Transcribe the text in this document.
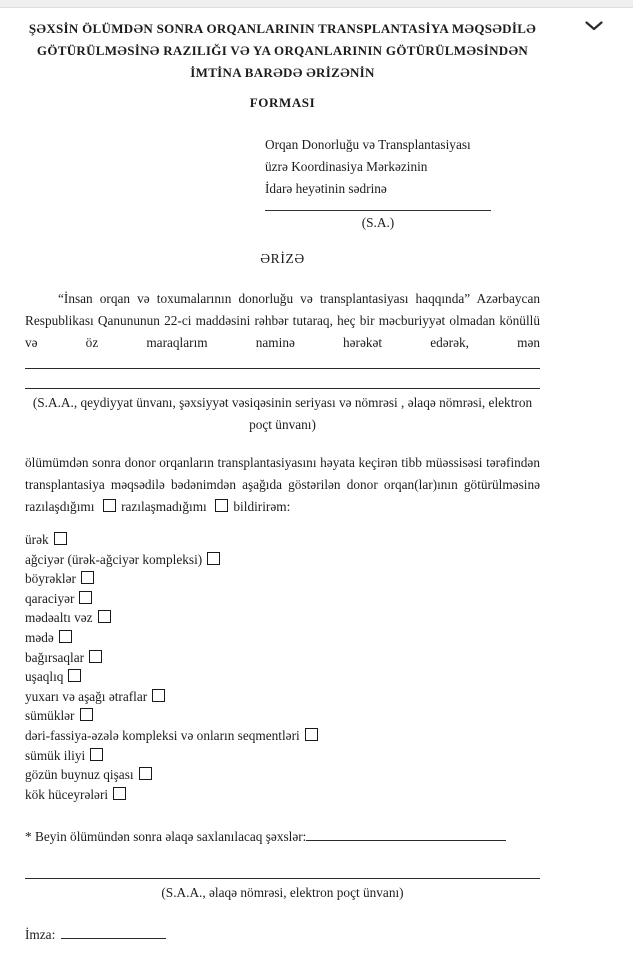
ŞƏXSİN ÖLÜMDƏN SONRA ORQANLARININ TRANSPLANTASİYA MƏQSƏDİLƏ
GÖTÜRÜLMƏSİNƏ RAZILIĞI VƏ YA ORQANLARININ GÖTÜRÜLMƏSİNDƏN
İMTİNA BARƏDƏ ƏRİZƏNİN
FORMASI
Orqan Donorluğu və Transplantasiyası
üzrə Koordinasiya Mərkəzinin
İdarə heyətinin sədrinə
(S.A.)
ƏRİZƏ

“İnsan orqan və toxumalarının donorluğu və transplantasiyası haqqında” Azərbaycan Respublikası Qanununun 22-ci maddəsini rəhbər tutaraq, heç bir məcburiyyət olmadan könüllü və öz maraqlarım naminə hərəkət edərək, mən

(S.A.A., qeydiyyat ünvanı, şəxsiyyət vəsiqəsinin seriyası və nömrəsi , əlaqə nömrəsi, elektron poçt ünvanı)

ölümümdən sonra donor orqanların transplantasiyasını həyata keçirən tibb müəssisəsi tərəfindən transplantasiya məqsədilə bədənimdən aşağıda göstərilən donor orqan(lar)ının götürülməsinə razılaşdığımı razılaşmadığımı bildirirəm:

ürək
ağciyər (ürək-ağciyər kompleksi)
böyrəklər
qaraciyər
mədəaltı vəz
mədə
bağırsaqlar
uşaqlıq
yuxarı və aşağı ətraflar
sümüklər
dəri-fassiya-əzələ kompleksi və onların seqmentləri
sümük iliyi
gözün buynuz qişası
kök hüceyrələri

* Beyin ölümündən sonra əlaqə saxlanılacaq şəxslər:

(S.A.A., əlaqə nömrəsi, elektron poçt ünvanı)

İmza:
